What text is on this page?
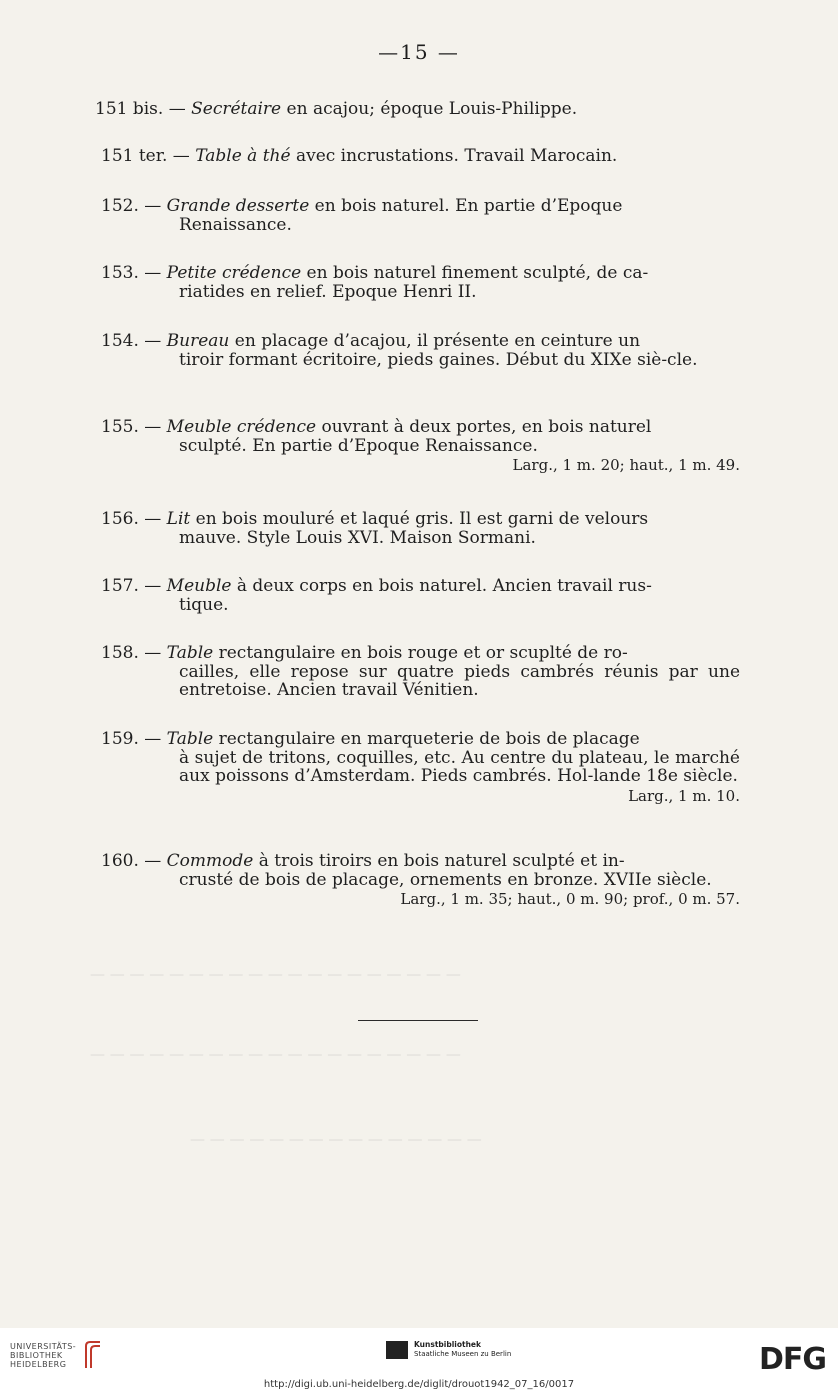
—15 —
— — — — — — — — — — — — — — — — — — —
— — — — — — — — — — — — — — — — — — —
— — — — — — — — — — — — — — —
151 bis. — Secrétaire en acajou; époque Louis-Philippe.
151 ter. — Table à thé avec incrustations. Travail Marocain.
152. — Grande desserte en bois naturel. En partie d’Epoque
Renaissance.
153. — Petite crédence en bois naturel finement sculpté, de ca-
riatides en relief. Epoque Henri II.
154. — Bureau en placage d’acajou, il présente en ceinture un
tiroir formant écritoire, pieds gaines. Début du XIXe siè-cle.
155. — Meuble crédence ouvrant à deux portes, en bois naturel
sculpté. En partie d’Epoque Renaissance.
Larg., 1 m. 20; haut., 1 m. 49.
156. — Lit en bois mouluré et laqué gris. Il est garni de velours
mauve. Style Louis XVI. Maison Sormani.
157. — Meuble à deux corps en bois naturel. Ancien travail rus-
tique.
158. — Table rectangulaire en bois rouge et or scuplté de ro-
cailles, elle repose sur quatre pieds cambrés réunis par une entretoise. Ancien travail Vénitien.
159. — Table rectangulaire en marqueterie de bois de placage
à sujet de tritons, coquilles, etc. Au centre du plateau, le marché aux poissons d’Amsterdam. Pieds cambrés. Hol-lande 18e siècle.
Larg., 1 m. 10.
160. — Commode à trois tiroirs en bois naturel sculpté et in-
crusté de bois de placage, ornements en bronze. XVIIe siècle.
Larg., 1 m. 35; haut., 0 m. 90; prof., 0 m. 57.
UNIVERSITÄTS-
BIBLIOTHEK
HEIDELBERG
Kunstbibliothek
Staatliche Museen zu Berlin	DFG
http://digi.ub.uni-heidelberg.de/diglit/drouot1942_07_16/0017
